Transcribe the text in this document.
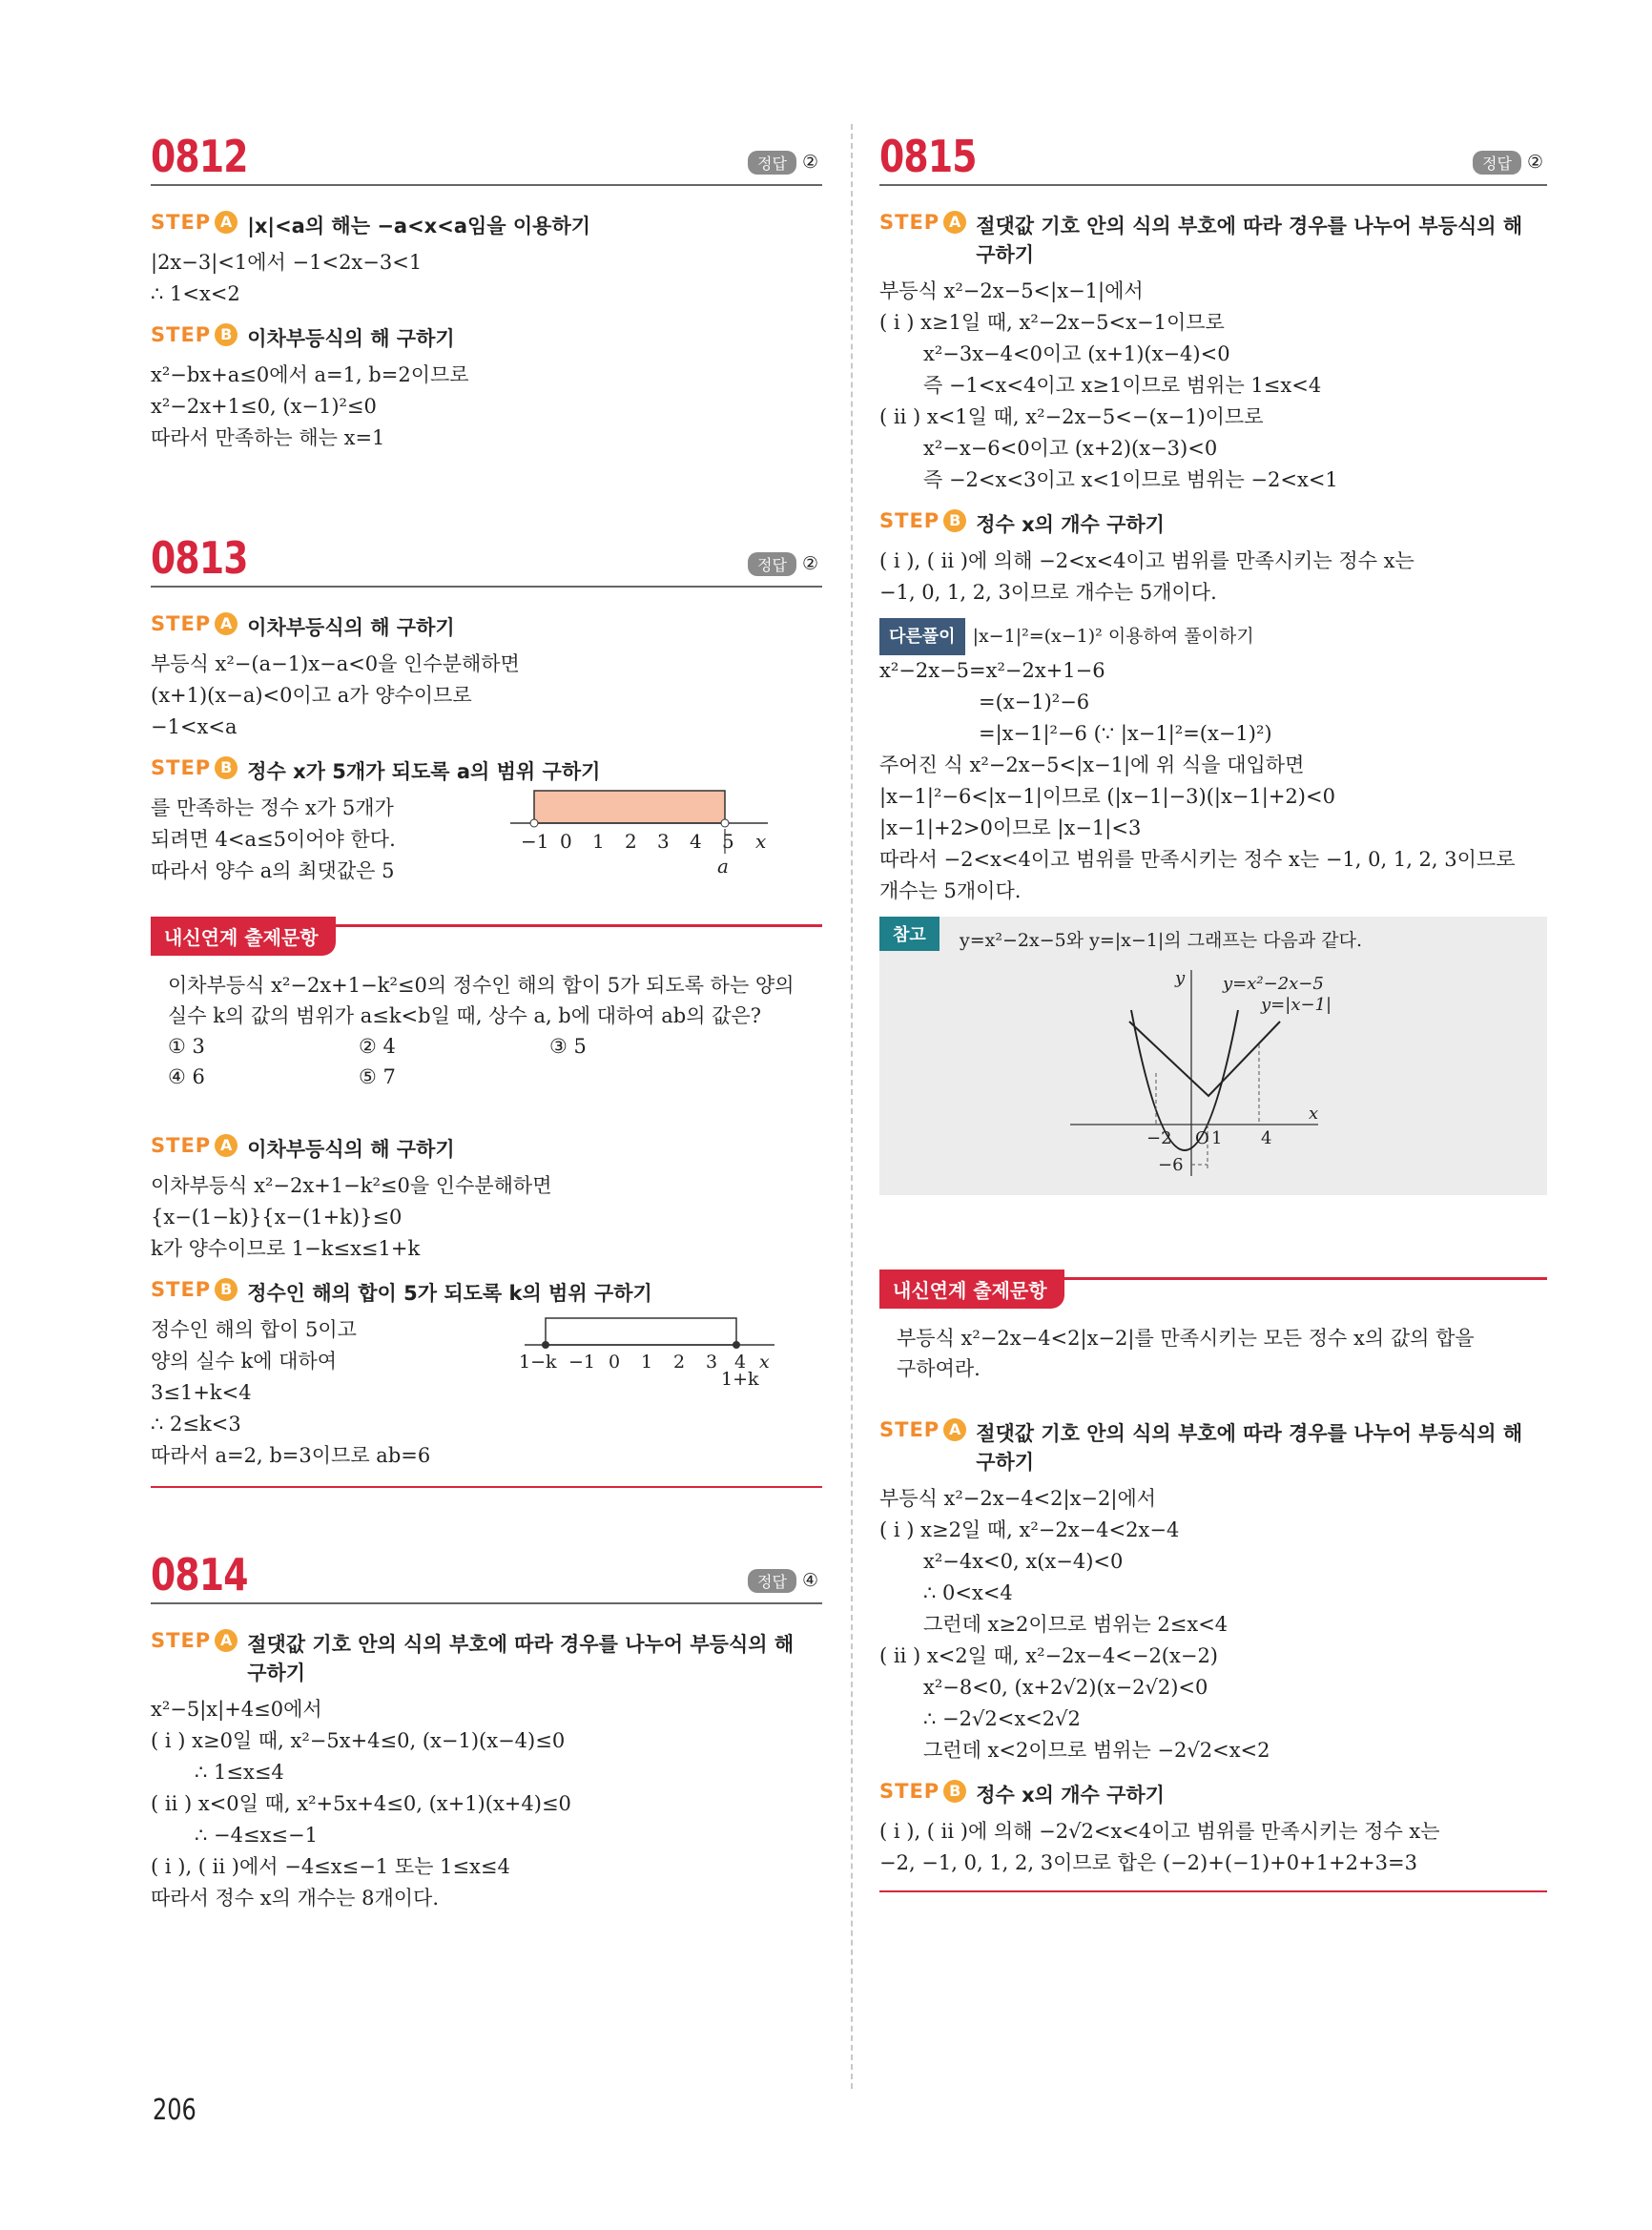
0812	정답 ②
STEP A |x|<a의 해는 −a<x<a임을 이용하기
|2x−3|<1에서 −1<2x−3<1
∴ 1<x<2
STEP B 이차부등식의 해 구하기
x²−bx+a≤0에서 a=1, b=2이므로
x²−2x+1≤0, (x−1)²≤0
따라서 만족하는 해는 x=1
0813	정답 ②
STEP A 이차부등식의 해 구하기
부등식 x²−(a−1)x−a<0을 인수분해하면
(x+1)(x−a)<0이고 a가 양수이므로
−1<x<a
STEP B 정수 x가 5개가 되도록 a의 범위 구하기
를 만족하는 정수 x가 5개가
되려면 4<a≤5이어야 한다.
따라서 양수 a의 최댓값은 5
−1 0 1 2 3 4 5 x
a
내신연계 출제문항
이차부등식 x²−2x+1−k²≤0의 정수인 해의 합이 5가 되도록 하는 양의
실수 k의 값의 범위가 a≤k<b일 때, 상수 a, b에 대하여 ab의 값은?
① 3	② 4	③ 5
④ 6	⑤ 7
STEP A 이차부등식의 해 구하기
이차부등식 x²−2x+1−k²≤0을 인수분해하면
{x−(1−k)}{x−(1+k)}≤0
k가 양수이므로 1−k≤x≤1+k
STEP B 정수인 해의 합이 5가 되도록 k의 범위 구하기
정수인 해의 합이 5이고
양의 실수 k에 대하여
3≤1+k<4
∴ 2≤k<3
따라서 a=2, b=3이므로 ab=6
1−k −1 0 1 2 3 4 x
1+k
0814	정답 ④
STEP A 절댓값 기호 안의 식의 부호에 따라 경우를 나누어 부등식의 해
구하기
x²−5|x|+4≤0에서
( i ) x≥0일 때, x²−5x+4≤0, (x−1)(x−4)≤0
∴ 1≤x≤4
( ii ) x<0일 때, x²+5x+4≤0, (x+1)(x+4)≤0
∴ −4≤x≤−1
( i ), ( ii )에서 −4≤x≤−1 또는 1≤x≤4
따라서 정수 x의 개수는 8개이다.
0815	정답 ②
STEP A 절댓값 기호 안의 식의 부호에 따라 경우를 나누어 부등식의 해
구하기
부등식 x²−2x−5<|x−1|에서
( i ) x≥1일 때, x²−2x−5<x−1이므로
x²−3x−4<0이고 (x+1)(x−4)<0
즉 −1<x<4이고 x≥1이므로 범위는 1≤x<4
( ii ) x<1일 때, x²−2x−5<−(x−1)이므로
x²−x−6<0이고 (x+2)(x−3)<0
즉 −2<x<3이고 x<1이므로 범위는 −2<x<1
STEP B 정수 x의 개수 구하기
( i ), ( ii )에 의해 −2<x<4이고 범위를 만족시키는 정수 x는
−1, 0, 1, 2, 3이므로 개수는 5개이다.
다른풀이 |x−1|²=(x−1)² 이용하여 풀이하기
x²−2x−5=x²−2x+1−6
=(x−1)²−6
=|x−1|²−6 (∵ |x−1|²=(x−1)²)
주어진 식 x²−2x−5<|x−1|에 위 식을 대입하면
|x−1|²−6<|x−1|이므로 (|x−1|−3)(|x−1|+2)<0
|x−1|+2>0이므로 |x−1|<3
따라서 −2<x<4이고 범위를 만족시키는 정수 x는 −1, 0, 1, 2, 3이므로
개수는 5개이다.
참고	y=x²−2x−5와 y=|x−1|의 그래프는 다음과 같다.
y
x
−2 O 1 4
−6
y=x²−2x−5
y=|x−1|
내신연계 출제문항
부등식 x²−2x−4<2|x−2|를 만족시키는 모든 정수 x의 값의 합을
구하여라.
STEP A 절댓값 기호 안의 식의 부호에 따라 경우를 나누어 부등식의 해
구하기
부등식 x²−2x−4<2|x−2|에서
( i ) x≥2일 때, x²−2x−4<2x−4
x²−4x<0, x(x−4)<0
∴ 0<x<4
그런데 x≥2이므로 범위는 2≤x<4
( ii ) x<2일 때, x²−2x−4<−2(x−2)
x²−8<0, (x+2√2)(x−2√2)<0
∴ −2√2<x<2√2
그런데 x<2이므로 범위는 −2√2<x<2
STEP B 정수 x의 개수 구하기
( i ), ( ii )에 의해 −2√2<x<4이고 범위를 만족시키는 정수 x는
−2, −1, 0, 1, 2, 3이므로 합은 (−2)+(−1)+0+1+2+3=3
206
